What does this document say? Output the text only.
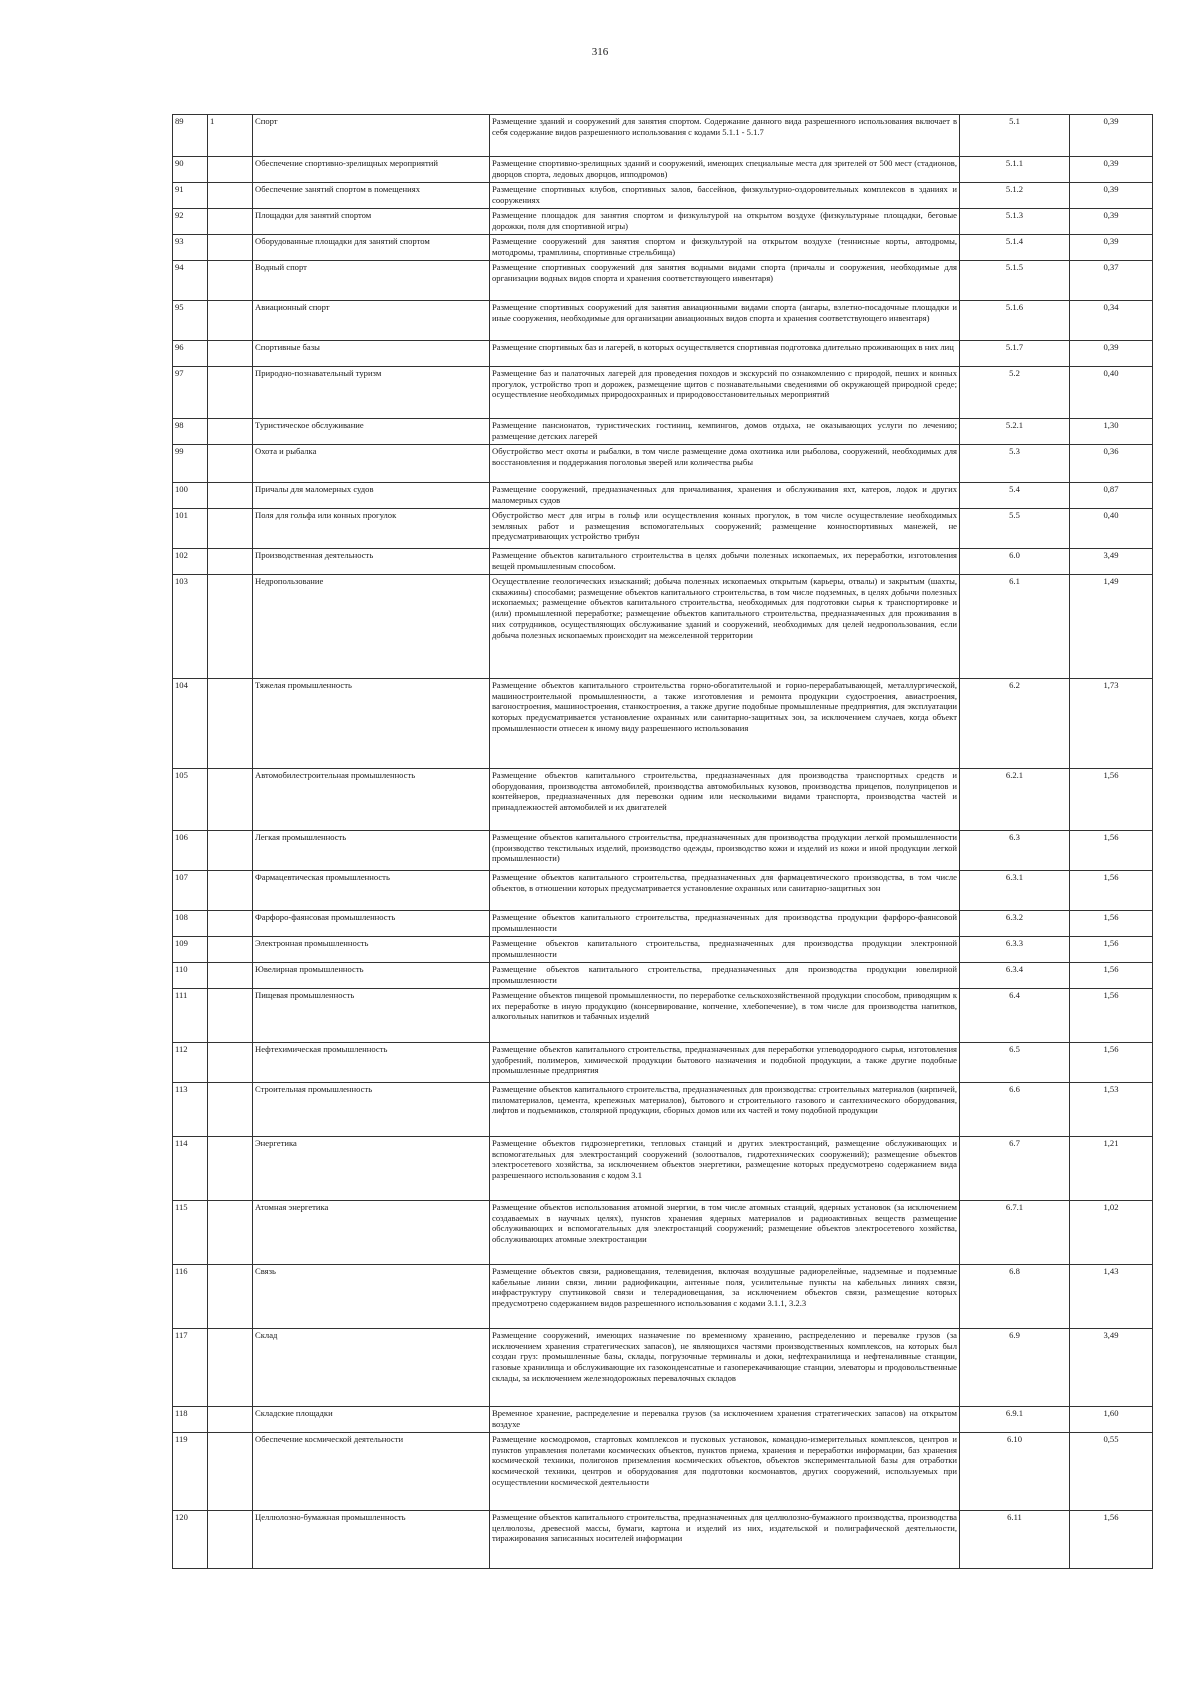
316
89	1	Спорт	Размещение зданий и сооружений для занятия спортом. Содержание данного вида разрешенного использования включает в себя содержание видов разрешенного использования с кодами 5.1.1 - 5.1.7	5.1	0,39
90		Обеспечение спортивно-зрелищных мероприятий	Размещение спортивно-зрелищных зданий и сооружений, имеющих специальные места для зрителей от 500 мест (стадионов, дворцов спорта, ледовых дворцов, ипподромов)	5.1.1	0,39
91		Обеспечение занятий спортом в помещениях	Размещение спортивных клубов, спортивных залов, бассейнов, физкультурно-оздоровительных комплексов в зданиях и сооружениях	5.1.2	0,39
92		Площадки для занятий спортом	Размещение площадок для занятия спортом и физкультурой на открытом воздухе (физкультурные площадки, беговые дорожки, поля для спортивной игры)	5.1.3	0,39
93		Оборудованные площадки для занятий спортом	Размещение сооружений для занятия спортом и физкультурой на открытом воздухе (теннисные корты, автодромы, мотодромы, трамплины, спортивные стрельбища)	5.1.4	0,39
94		Водный спорт	Размещение спортивных сооружений для занятия водными видами спорта (причалы и сооружения, необходимые для организации водных видов спорта и хранения соответствующего инвентаря)	5.1.5	0,37
95		Авиационный спорт	Размещение спортивных сооружений для занятия авиационными видами спорта (ангары, взлетно-посадочные площадки и иные сооружения, необходимые для организации авиационных видов спорта и хранения соответствующего инвентаря)	5.1.6	0,34
96		Спортивные базы	Размещение спортивных баз и лагерей, в которых осуществляется спортивная подготовка длительно проживающих в них лиц	5.1.7	0,39
97		Природно-познавательный туризм	Размещение баз и палаточных лагерей для проведения походов и экскурсий по ознакомлению с природой, пеших и конных прогулок, устройство троп и дорожек, размещение щитов с познавательными сведениями об окружающей природной среде; осуществление необходимых природоохранных и природовосстановительных мероприятий	5.2	0,40
98		Туристическое обслуживание	Размещение пансионатов, туристических гостиниц, кемпингов, домов отдыха, не оказывающих услуги по лечению; размещение детских лагерей	5.2.1	1,30
99		Охота и рыбалка	Обустройство мест охоты и рыбалки, в том числе размещение дома охотника или рыболова, сооружений, необходимых для восстановления и поддержания поголовья зверей или количества рыбы	5.3	0,36
100		Причалы для маломерных судов	Размещение сооружений, предназначенных для причаливания, хранения и обслуживания яхт, катеров, лодок и других маломерных судов	5.4	0,87
101		Поля для гольфа или конных прогулок	Обустройство мест для игры в гольф или осуществления конных прогулок, в том числе осуществление необходимых земляных работ и размещения вспомогательных сооружений; размещение конноспортивных манежей, не предусматривающих устройство трибун	5.5	0,40
102		Производственная деятельность	Размещение объектов капитального строительства в целях добычи полезных ископаемых, их переработки, изготовления вещей промышленным способом.	6.0	3,49
103		Недропользование	Осуществление геологических изысканий; добыча полезных ископаемых открытым (карьеры, отвалы) и закрытым (шахты, скважины) способами; размещение объектов капитального строительства, в том числе подземных, в целях добычи полезных ископаемых; размещение объектов капитального строительства, необходимых для подготовки сырья к транспортировке и (или) промышленной переработке; размещение объектов капитального строительства, предназначенных для проживания в них сотрудников, осуществляющих обслуживание зданий и сооружений, необходимых для целей недропользования, если добыча полезных ископаемых происходит на межселенной территории	6.1	1,49
104		Тяжелая промышленность	Размещение объектов капитального строительства горно-обогатительной и горно-перерабатывающей, металлургической, машиностроительной промышленности, а также изготовления и ремонта продукции судостроения, авиастроения, вагоностроения, машиностроения, станкостроения, а также другие подобные промышленные предприятия, для эксплуатации которых предусматривается установление охранных или санитарно-защитных зон, за исключением случаев, когда объект промышленности отнесен к иному виду разрешенного использования	6.2	1,73
105		Автомобилестроительная промышленность	Размещение объектов капитального строительства, предназначенных для производства транспортных средств и оборудования, производства автомобилей, производства автомобильных кузовов, производства прицепов, полуприцепов и контейнеров, предназначенных для перевозки одним или несколькими видами транспорта, производства частей и принадлежностей автомобилей и их двигателей	6.2.1	1,56
106		Легкая промышленность	Размещение объектов капитального строительства, предназначенных для производства продукции легкой промышленности (производство текстильных изделий, производство одежды, производство кожи и изделий из кожи и иной продукции легкой промышленности)	6.3	1,56
107		Фармацевтическая промышленность	Размещение объектов капитального строительства, предназначенных для фармацевтического производства, в том числе объектов, в отношении которых предусматривается установление охранных или санитарно-защитных зон	6.3.1	1,56
108		Фарфоро-фаянсовая промышленность	Размещение объектов капитального строительства, предназначенных для производства продукции фарфоро-фаянсовой промышленности	6.3.2	1,56
109		Электронная промышленность	Размещение объектов капитального строительства, предназначенных для производства продукции электронной промышленности	6.3.3	1,56
110		Ювелирная промышленность	Размещение объектов капитального строительства, предназначенных для производства продукции ювелирной промышленности	6.3.4	1,56
111		Пищевая промышленность	Размещение объектов пищевой промышленности, по переработке сельскохозяйственной продукции способом, приводящим к их переработке в иную продукцию (консервирование, копчение, хлебопечение), в том числе для производства напитков, алкогольных напитков и табачных изделий	6.4	1,56
112		Нефтехимическая промышленность	Размещение объектов капитального строительства, предназначенных для переработки углеводородного сырья, изготовления удобрений, полимеров, химической продукции бытового назначения и подобной продукции, а также другие подобные промышленные предприятия	6.5	1,56
113		Строительная промышленность	Размещение объектов капитального строительства, предназначенных для производства: строительных материалов (кирпичей, пиломатериалов, цемента, крепежных материалов), бытового и строительного газового и сантехнического оборудования, лифтов и подъемников, столярной продукции, сборных домов или их частей и тому подобной продукции	6.6	1,53
114		Энергетика	Размещение объектов гидроэнергетики, тепловых станций и других электростанций, размещение обслуживающих и вспомогательных для электростанций сооружений (золоотвалов, гидротехнических сооружений); размещение объектов электросетевого хозяйства, за исключением объектов энергетики, размещение которых предусмотрено содержанием вида разрешенного использования с кодом 3.1	6.7	1,21
115		Атомная энергетика	Размещение объектов использования атомной энергии, в том числе атомных станций, ядерных установок (за исключением создаваемых в научных целях), пунктов хранения ядерных материалов и радиоактивных веществ размещение обслуживающих и вспомогательных для электростанций сооружений; размещение объектов электросетевого хозяйства, обслуживающих атомные электростанции	6.7.1	1,02
116		Связь	Размещение объектов связи, радиовещания, телевидения, включая воздушные радиорелейные, надземные и подземные кабельные линии связи, линии радиофикации, антенные поля, усилительные пункты на кабельных линиях связи, инфраструктуру спутниковой связи и телерадиовещания, за исключением объектов связи, размещение которых предусмотрено содержанием видов разрешенного использования с кодами 3.1.1, 3.2.3	6.8	1,43
117		Склад	Размещение сооружений, имеющих назначение по временному хранению, распределению и перевалке грузов (за исключением хранения стратегических запасов), не являющихся частями производственных комплексов, на которых был создан груз: промышленные базы, склады, погрузочные терминалы и доки, нефтехранилища и нефтеналивные станции, газовые хранилища и обслуживающие их газоконденсатные и газоперекачивающие станции, элеваторы и продовольственные склады, за исключением железнодорожных перевалочных складов	6.9	3,49
118		Складские площадки	Временное хранение, распределение и перевалка грузов (за исключением хранения стратегических запасов) на открытом воздухе	6.9.1	1,60
119		Обеспечение космической деятельности	Размещение космодромов, стартовых комплексов и пусковых установок, командно-измерительных комплексов, центров и пунктов управления полетами космических объектов, пунктов приема, хранения и переработки информации, баз хранения космической техники, полигонов приземления космических объектов, объектов экспериментальной базы для отработки космической техники, центров и оборудования для подготовки космонавтов, других сооружений, используемых при осуществлении космической деятельности	6.10	0,55
120		Целлюлозно-бумажная промышленность	Размещение объектов капитального строительства, предназначенных для целлюлозно-бумажного производства, производства целлюлозы, древесной массы, бумаги, картона и изделий из них, издательской и полиграфической деятельности, тиражирования записанных носителей информации	6.11	1,56
